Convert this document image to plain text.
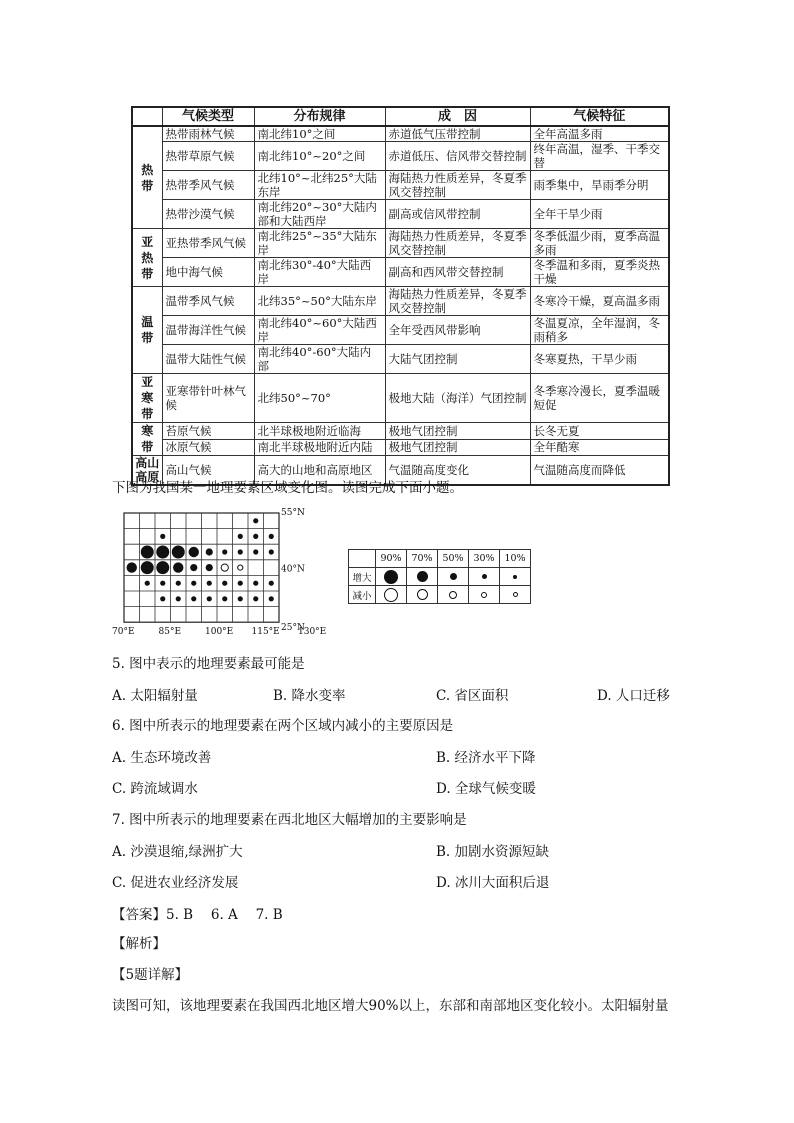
	气候类型	分布规律	成　因	气候特征

热
带	热带雨林气候	南北纬10°之间	赤道低气压带控制	全年高温多雨
	热带草原气候	南北纬10°~20°之间	赤道低压、信风带交替控制	终年高温，湿季、干季交替
	热带季风气候	北纬10°~北纬25°大陆东岸	海陆热力性质差异，冬夏季风交替控制	雨季集中，旱雨季分明
	热带沙漠气候	南北纬20°~30°大陆内部和大陆西岸	副高或信风带控制	全年干旱少雨

亚
热
带	亚热带季风气候	南北纬25°~35°大陆东岸	海陆热力性质差异，冬夏季风交替控制	冬季低温少雨，夏季高温多雨
	地中海气候	南北纬30°-40°大陆西岸	副高和西风带交替控制	冬季温和多雨，夏季炎热干燥

温
带	温带季风气候	北纬35°~50°大陆东岸	海陆热力性质差异，冬夏季风交替控制	冬寒冷干燥，夏高温多雨
	温带海洋性气候	南北纬40°~60°大陆西岸	全年受西风带影响	冬温夏凉，全年湿润，冬雨稍多
	温带大陆性气候	南北纬40°-60°大陆内部	大陆气团控制	冬寒夏热，干旱少雨

亚
寒
带	亚寒带针叶林气候	北纬50°~70°	极地大陆（海洋）气团控制	冬季寒冷漫长，夏季温暖短促

寒
带	苔原气候	北半球极地附近临海	极地气团控制	长冬无夏
	冰原气候	南北半球极地附近内陆	极地气团控制	全年酷寒
高山高原	高山气候	高大的山地和高原地区	气温随高度变化	气温随高度而降低
下图为我国某一地理要素区域变化图。读图完成下面小题。
55°N
40°N
25°N
70°E	85°E	100°E 115°E 130°E
	90%	70%	50%	30%	10%
增大					
减小					
5. 图中表示的地理要素最可能是
A. 太阳辐射量	B. 降水变率	C. 省区面积	D. 人口迁移
6. 图中所表示的地理要素在两个区域内减小的主要原因是
A. 生态环境改善	B. 经济水平下降
C. 跨流域调水	D. 全球气候变暖
7. 图中所表示的地理要素在西北地区大幅增加的主要影响是
A. 沙漠退缩,绿洲扩大	B. 加剧水资源短缺
C. 促进农业经济发展	D. 冰川大面积后退
【答案】5. B　 6. A　 7. B
【解析】
【5题详解】
读图可知，该地理要素在我国西北地区增大90%以上，东部和南部地区变化较小。太阳辐射量
